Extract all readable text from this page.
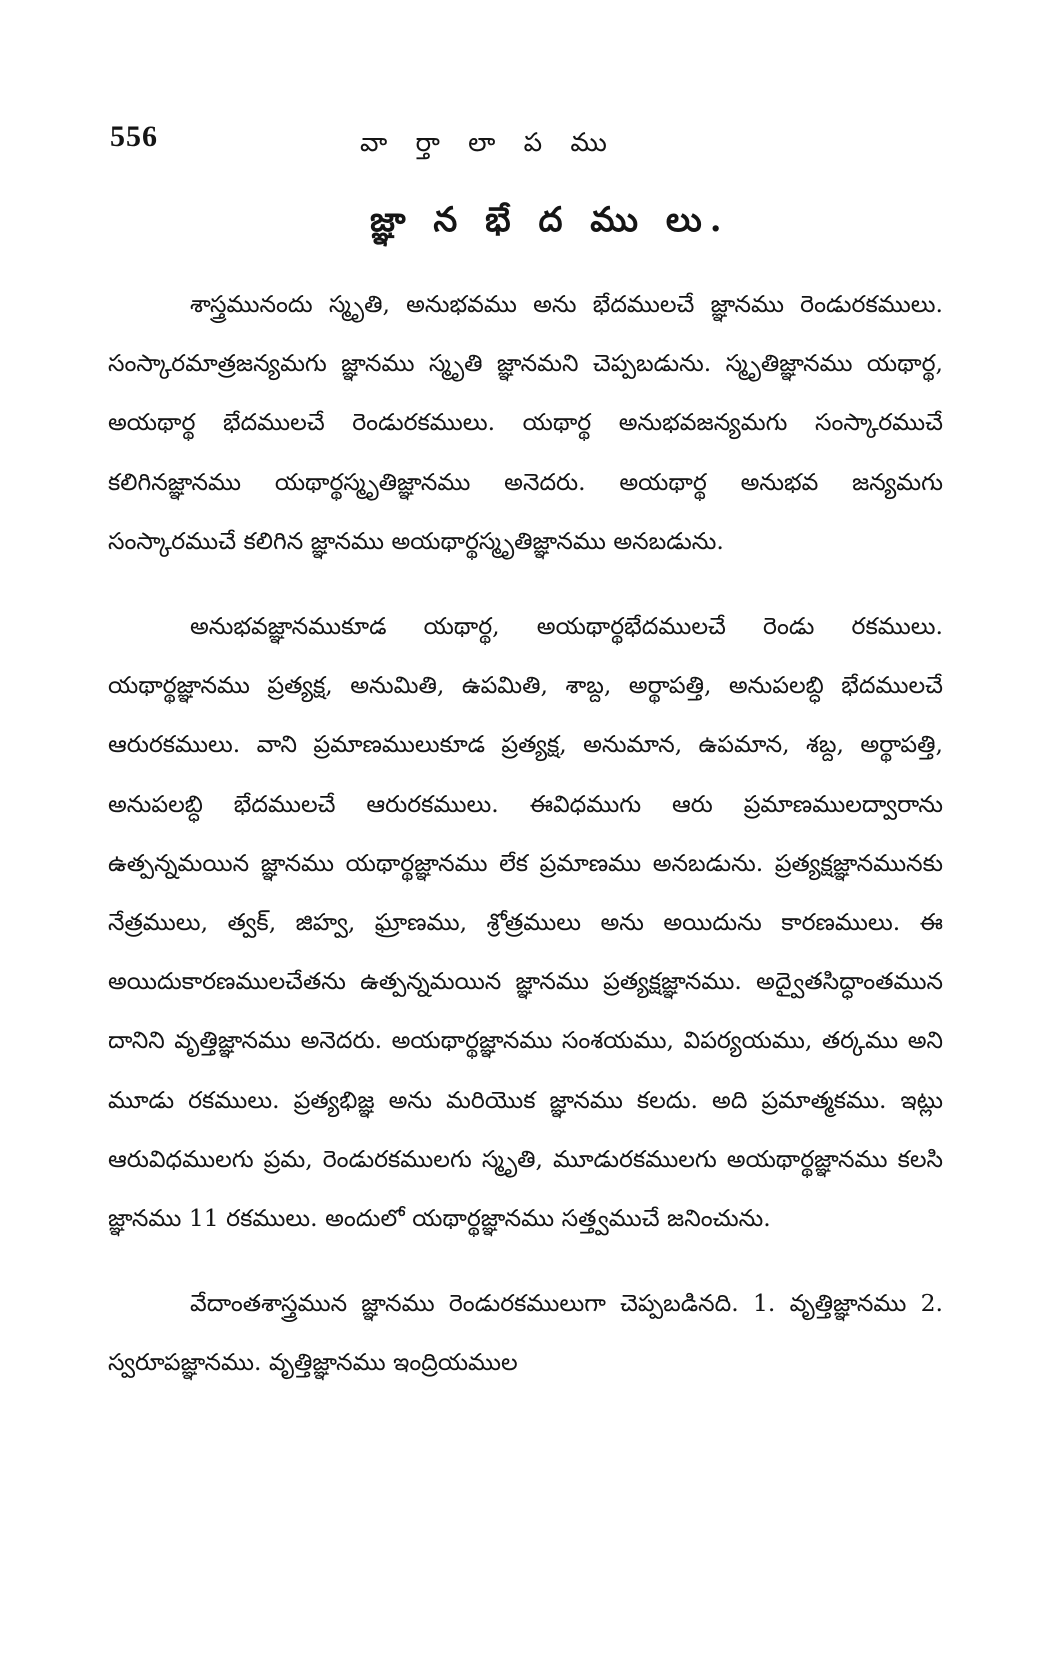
556	వా ర్తా లా ప ము
జ్ఞా న భే ద ము లు.

శాస్త్రమునందు స్మృతి, అనుభవము అను భేదములచే జ్ఞానము రెండురకములు. సంస్కారమాత్రజన్యమగు జ్ఞానము స్మృతి జ్ఞానమని చెప్పబడును. స్మృతిజ్ఞానము యథార్థ, అయథార్థ భేదములచే రెండురకములు. యథార్థ అనుభవజన్యమగు సంస్కారముచే కలిగినజ్ఞానము యథార్థస్మృతిజ్ఞానము అనెదరు. అయథార్థ అనుభవ జన్యమగు సంస్కారముచే కలిగిన జ్ఞానము అయథార్థస్మృతిజ్ఞానము అనబడును.

అనుభవజ్ఞానముకూడ యథార్థ, అయథార్థభేదములచే రెండు రకములు. యథార్థజ్ఞానము ప్రత్యక్ష, అనుమితి, ఉపమితి, శాబ్ద, అర్థాపత్తి, అనుపలబ్ధి భేదములచే ఆరురకములు. వాని ప్రమాణములుకూడ ప్రత్యక్ష, అనుమాన, ఉపమాన, శబ్ద, అర్థాపత్తి, అనుపలబ్ధి భేదములచే ఆరురకములు. ఈవిధముగు ఆరు ప్రమాణములద్వారాను ఉత్పన్నమయిన జ్ఞానము యథార్థజ్ఞానము లేక ప్రమాణము అనబడును. ప్రత్యక్షజ్ఞానమునకు నేత్రములు, త్వక్, జిహ్వ, ఘ్రాణము, శ్రోత్రములు అను అయిదును కారణములు. ఈ అయిదుకారణములచేతను ఉత్పన్నమయిన జ్ఞానము ప్రత్యక్షజ్ఞానము. అద్వైతసిద్ధాంతమున దానిని వృత్తిజ్ఞానము అనెదరు. అయథార్థజ్ఞానము సంశయము, విపర్యయము, తర్కము అని మూడు రకములు. ప్రత్యభిజ్ఞ అను మరియొక జ్ఞానము కలదు. అది ప్రమాత్మకము. ఇట్లు ఆరువిధములగు ప్రమ, రెండురకములగు స్మృతి, మూడురకములగు అయథార్థజ్ఞానము కలసి జ్ఞానము 11 రకములు. అందులో యథార్థజ్ఞానము సత్త్వముచే జనించును.

వేదాంతశాస్త్రమున జ్ఞానము రెండురకములుగా చెప్పబడినది. 1. వృత్తిజ్ఞానము 2. స్వరూపజ్ఞానము. వృత్తిజ్ఞానము ఇంద్రియముల
